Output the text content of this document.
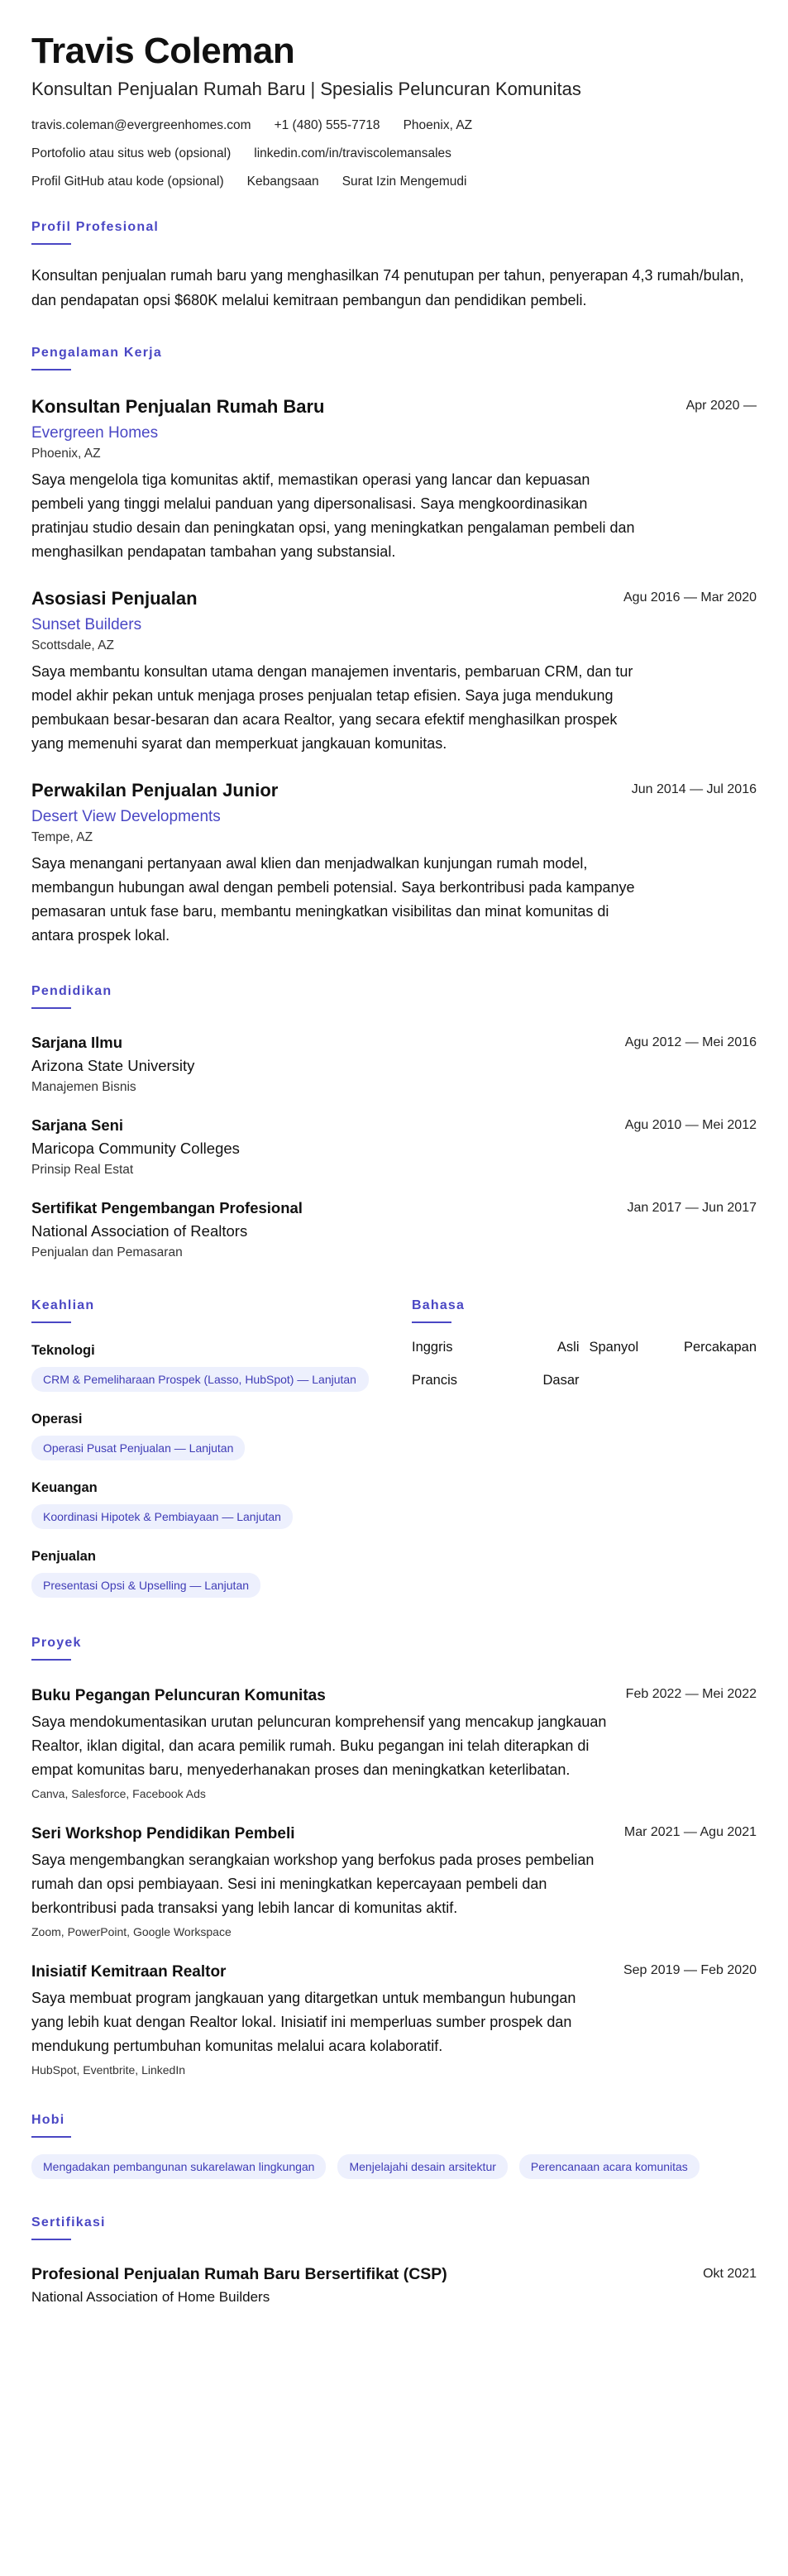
Travis Coleman
Konsultan Penjualan Rumah Baru | Spesialis Peluncuran Komunitas
travis.coleman@evergreenhomes.com +1 (480) 555-7718 Phoenix, AZ
Portofolio atau situs web (opsional) linkedin.com/in/traviscolemansales
Profil GitHub atau kode (opsional) Kebangsaan Surat Izin Mengemudi
Profil Profesional
Konsultan penjualan rumah baru yang menghasilkan 74 penutupan per tahun, penyerapan 4,3 rumah/bulan, dan pendapatan opsi $680K melalui kemitraan pembangun dan pendidikan pembeli.
Pengalaman Kerja
Apr 2020 —
Konsultan Penjualan Rumah Baru
Evergreen Homes
Phoenix, AZ
Saya mengelola tiga komunitas aktif, memastikan operasi yang lancar dan kepuasan pembeli yang tinggi melalui panduan yang dipersonalisasi. Saya mengkoordinasikan pratinjau studio desain dan peningkatan opsi, yang meningkatkan pengalaman pembeli dan menghasilkan pendapatan tambahan yang substansial.
Agu 2016 — Mar 2020
Asosiasi Penjualan
Sunset Builders
Scottsdale, AZ
Saya membantu konsultan utama dengan manajemen inventaris, pembaruan CRM, dan tur model akhir pekan untuk menjaga proses penjualan tetap efisien. Saya juga mendukung pembukaan besar-besaran dan acara Realtor, yang secara efektif menghasilkan prospek yang memenuhi syarat dan memperkuat jangkauan komunitas.
Jun 2014 — Jul 2016
Perwakilan Penjualan Junior
Desert View Developments
Tempe, AZ
Saya menangani pertanyaan awal klien dan menjadwalkan kunjungan rumah model, membangun hubungan awal dengan pembeli potensial. Saya berkontribusi pada kampanye pemasaran untuk fase baru, membantu meningkatkan visibilitas dan minat komunitas di antara prospek lokal.
Pendidikan
Agu 2012 — Mei 2016
Sarjana Ilmu
Arizona State University
Manajemen Bisnis
Agu 2010 — Mei 2012
Sarjana Seni
Maricopa Community Colleges
Prinsip Real Estat
Jan 2017 — Jun 2017
Sertifikat Pengembangan Profesional
National Association of Realtors
Penjualan dan Pemasaran
Keahlian
Teknologi
CRM & Pemeliharaan Prospek (Lasso, HubSpot) — Lanjutan
Operasi
Operasi Pusat Penjualan — Lanjutan
Keuangan
Koordinasi Hipotek & Pembiayaan — Lanjutan
Penjualan
Presentasi Opsi & Upselling — Lanjutan
Bahasa
Inggris	Asli Spanyol	Percakapan
Prancis	Dasar
Proyek
Feb 2022 — Mei 2022
Buku Pegangan Peluncuran Komunitas
Saya mendokumentasikan urutan peluncuran komprehensif yang mencakup jangkauan Realtor, iklan digital, dan acara pemilik rumah. Buku pegangan ini telah diterapkan di empat komunitas baru, menyederhanakan proses dan meningkatkan keterlibatan.
Canva, Salesforce, Facebook Ads
Mar 2021 — Agu 2021
Seri Workshop Pendidikan Pembeli
Saya mengembangkan serangkaian workshop yang berfokus pada proses pembelian rumah dan opsi pembiayaan. Sesi ini meningkatkan kepercayaan pembeli dan berkontribusi pada transaksi yang lebih lancar di komunitas aktif.
Zoom, PowerPoint, Google Workspace
Sep 2019 — Feb 2020
Inisiatif Kemitraan Realtor
Saya membuat program jangkauan yang ditargetkan untuk membangun hubungan yang lebih kuat dengan Realtor lokal. Inisiatif ini memperluas sumber prospek dan mendukung pertumbuhan komunitas melalui acara kolaboratif.
HubSpot, Eventbrite, LinkedIn
Hobi
Mengadakan pembangunan sukarelawan lingkungan	Menjelajahi desain arsitektur	Perencanaan acara komunitas
Sertifikasi
Okt 2021
Profesional Penjualan Rumah Baru Bersertifikat (CSP)
National Association of Home Builders
